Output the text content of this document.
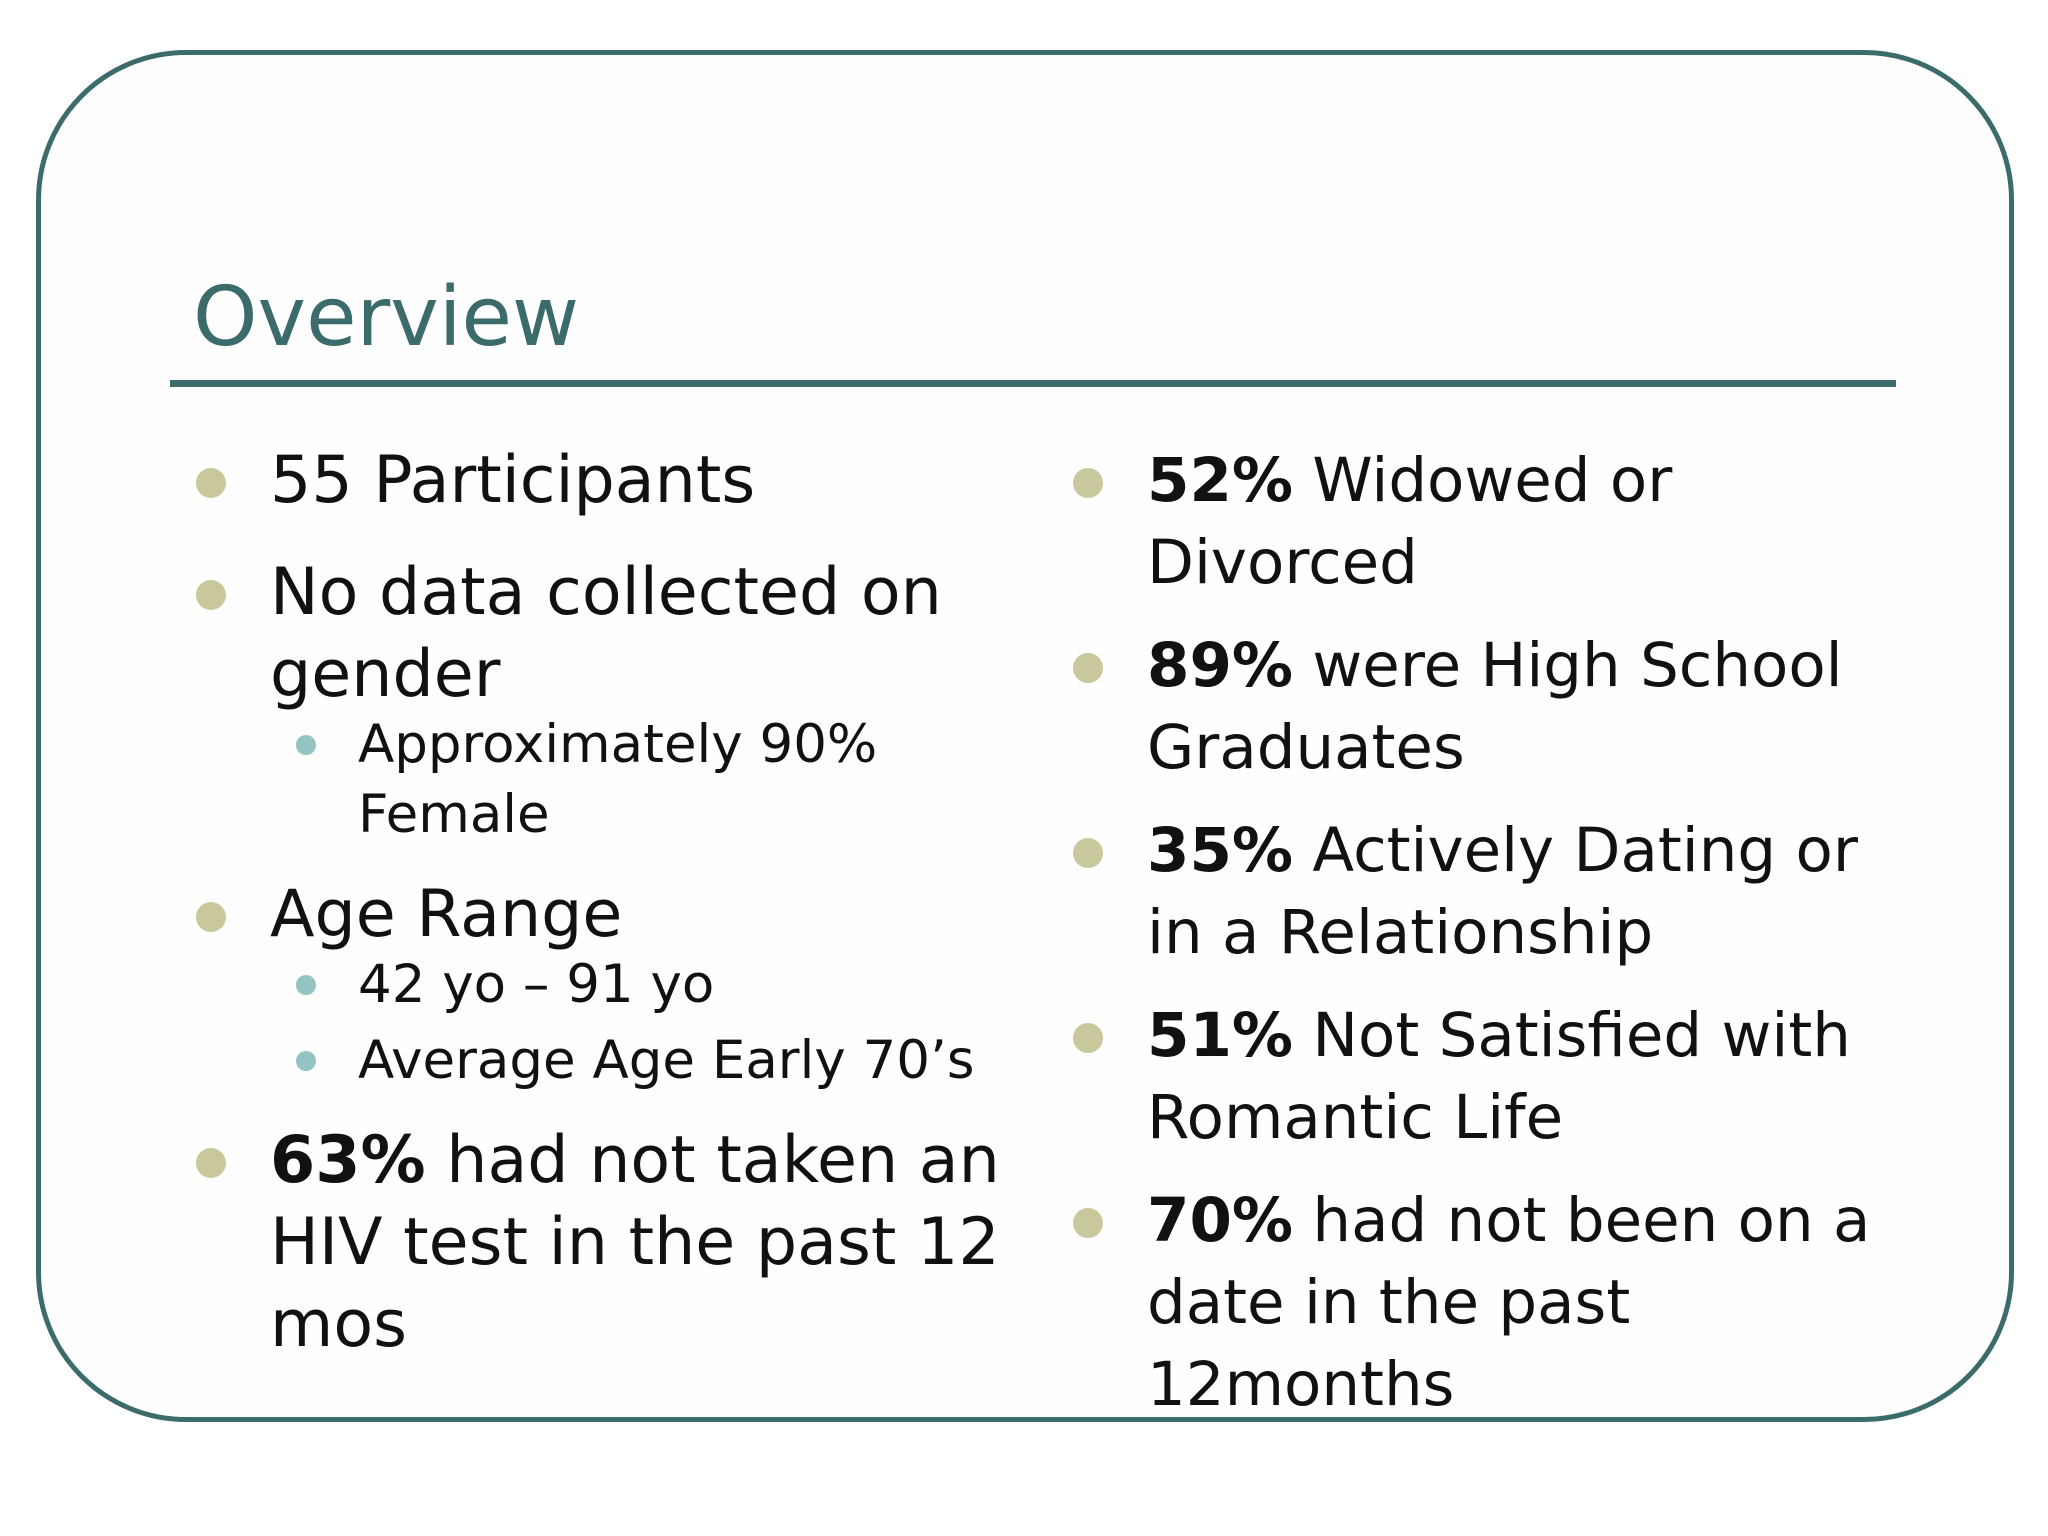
Overview
55 Participants
No data collected on gender
Approximately 90% Female
Age Range
42 yo – 91 yo
Average Age Early 70’s
63% had not taken an HIV test in the past 12 mos
52% Widowed or Divorced
89% were High School Graduates
35% Actively Dating or in a Relationship
51% Not Satisfied with Romantic Life
70% had not been on a date in the past 12months
